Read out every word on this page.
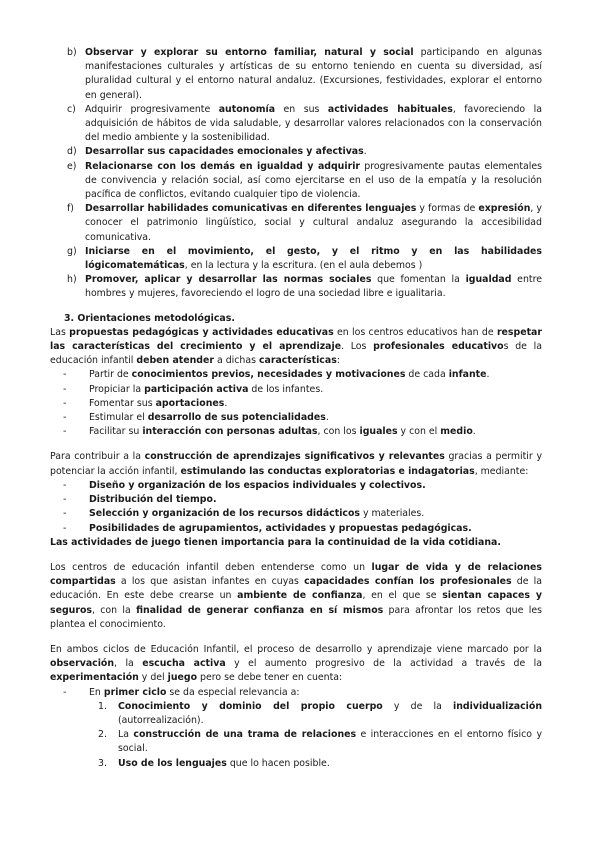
b) Observar y explorar su entorno familiar, natural y social participando en algunas manifestaciones culturales y artísticas de su entorno teniendo en cuenta su diversidad, así pluralidad cultural y el entorno natural andaluz. (Excursiones, festividades, explorar el entorno en general).
c) Adquirir progresivamente autonomía en sus actividades habituales, favoreciendo la adquisición de hábitos de vida saludable, y desarrollar valores relacionados con la conservación del medio ambiente y la sostenibilidad.
d) Desarrollar sus capacidades emocionales y afectivas.
e) Relacionarse con los demás en igualdad y adquirir progresivamente pautas elementales de convivencia y relación social, así como ejercitarse en el uso de la empatía y la resolución pacífica de conflictos, evitando cualquier tipo de violencia.
f) Desarrollar habilidades comunicativas en diferentes lenguajes y formas de expresión, y conocer el patrimonio lingüístico, social y cultural andaluz asegurando la accesibilidad comunicativa.
g) Iniciarse en el movimiento, el gesto, y el ritmo y en las habilidades lógicomatemáticas, en la lectura y la escritura. (en el aula debemos )
h) Promover, aplicar y desarrollar las normas sociales que fomentan la igualdad entre hombres y mujeres, favoreciendo el logro de una sociedad libre e igualitaria.
3. Orientaciones metodológicas.

Las propuestas pedagógicas y actividades educativas en los centros educativos han de respetar las características del crecimiento y el aprendizaje. Los profesionales educativos de la educación infantil deben atender a dichas características:

- Partir de conocimientos previos, necesidades y motivaciones de cada infante.
- Propiciar la participación activa de los infantes.
- Fomentar sus aportaciones.
- Estimular el desarrollo de sus potencialidades.
- Facilitar su interacción con personas adultas, con los iguales y con el medio.

Para contribuir a la construcción de aprendizajes significativos y relevantes gracias a permitir y potenciar la acción infantil, estimulando las conductas exploratorias e indagatorias, mediante:

- Diseño y organización de los espacios individuales y colectivos.
- Distribución del tiempo.
- Selección y organización de los recursos didácticos y materiales.
- Posibilidades de agrupamientos, actividades y propuestas pedagógicas.

Las actividades de juego tienen importancia para la continuidad de la vida cotidiana.

Los centros de educación infantil deben entenderse como un lugar de vida y de relaciones compartidas a los que asistan infantes en cuyas capacidades confían los profesionales de la educación. En este debe crearse un ambiente de confianza, en el que se sientan capaces y seguros, con la finalidad de generar confianza en sí mismos para afrontar los retos que les plantea el conocimiento.

En ambos ciclos de Educación Infantil, el proceso de desarrollo y aprendizaje viene marcado por la observación, la escucha activa y el aumento progresivo de la actividad a través de la experimentación y del juego pero se debe tener en cuenta:

- En primer ciclo se da especial relevancia a:
1. Conocimiento y dominio del propio cuerpo y de la individualización (autorrealización).
2. La construcción de una trama de relaciones e interacciones en el entorno físico y social.
3. Uso de los lenguajes que lo hacen posible.
